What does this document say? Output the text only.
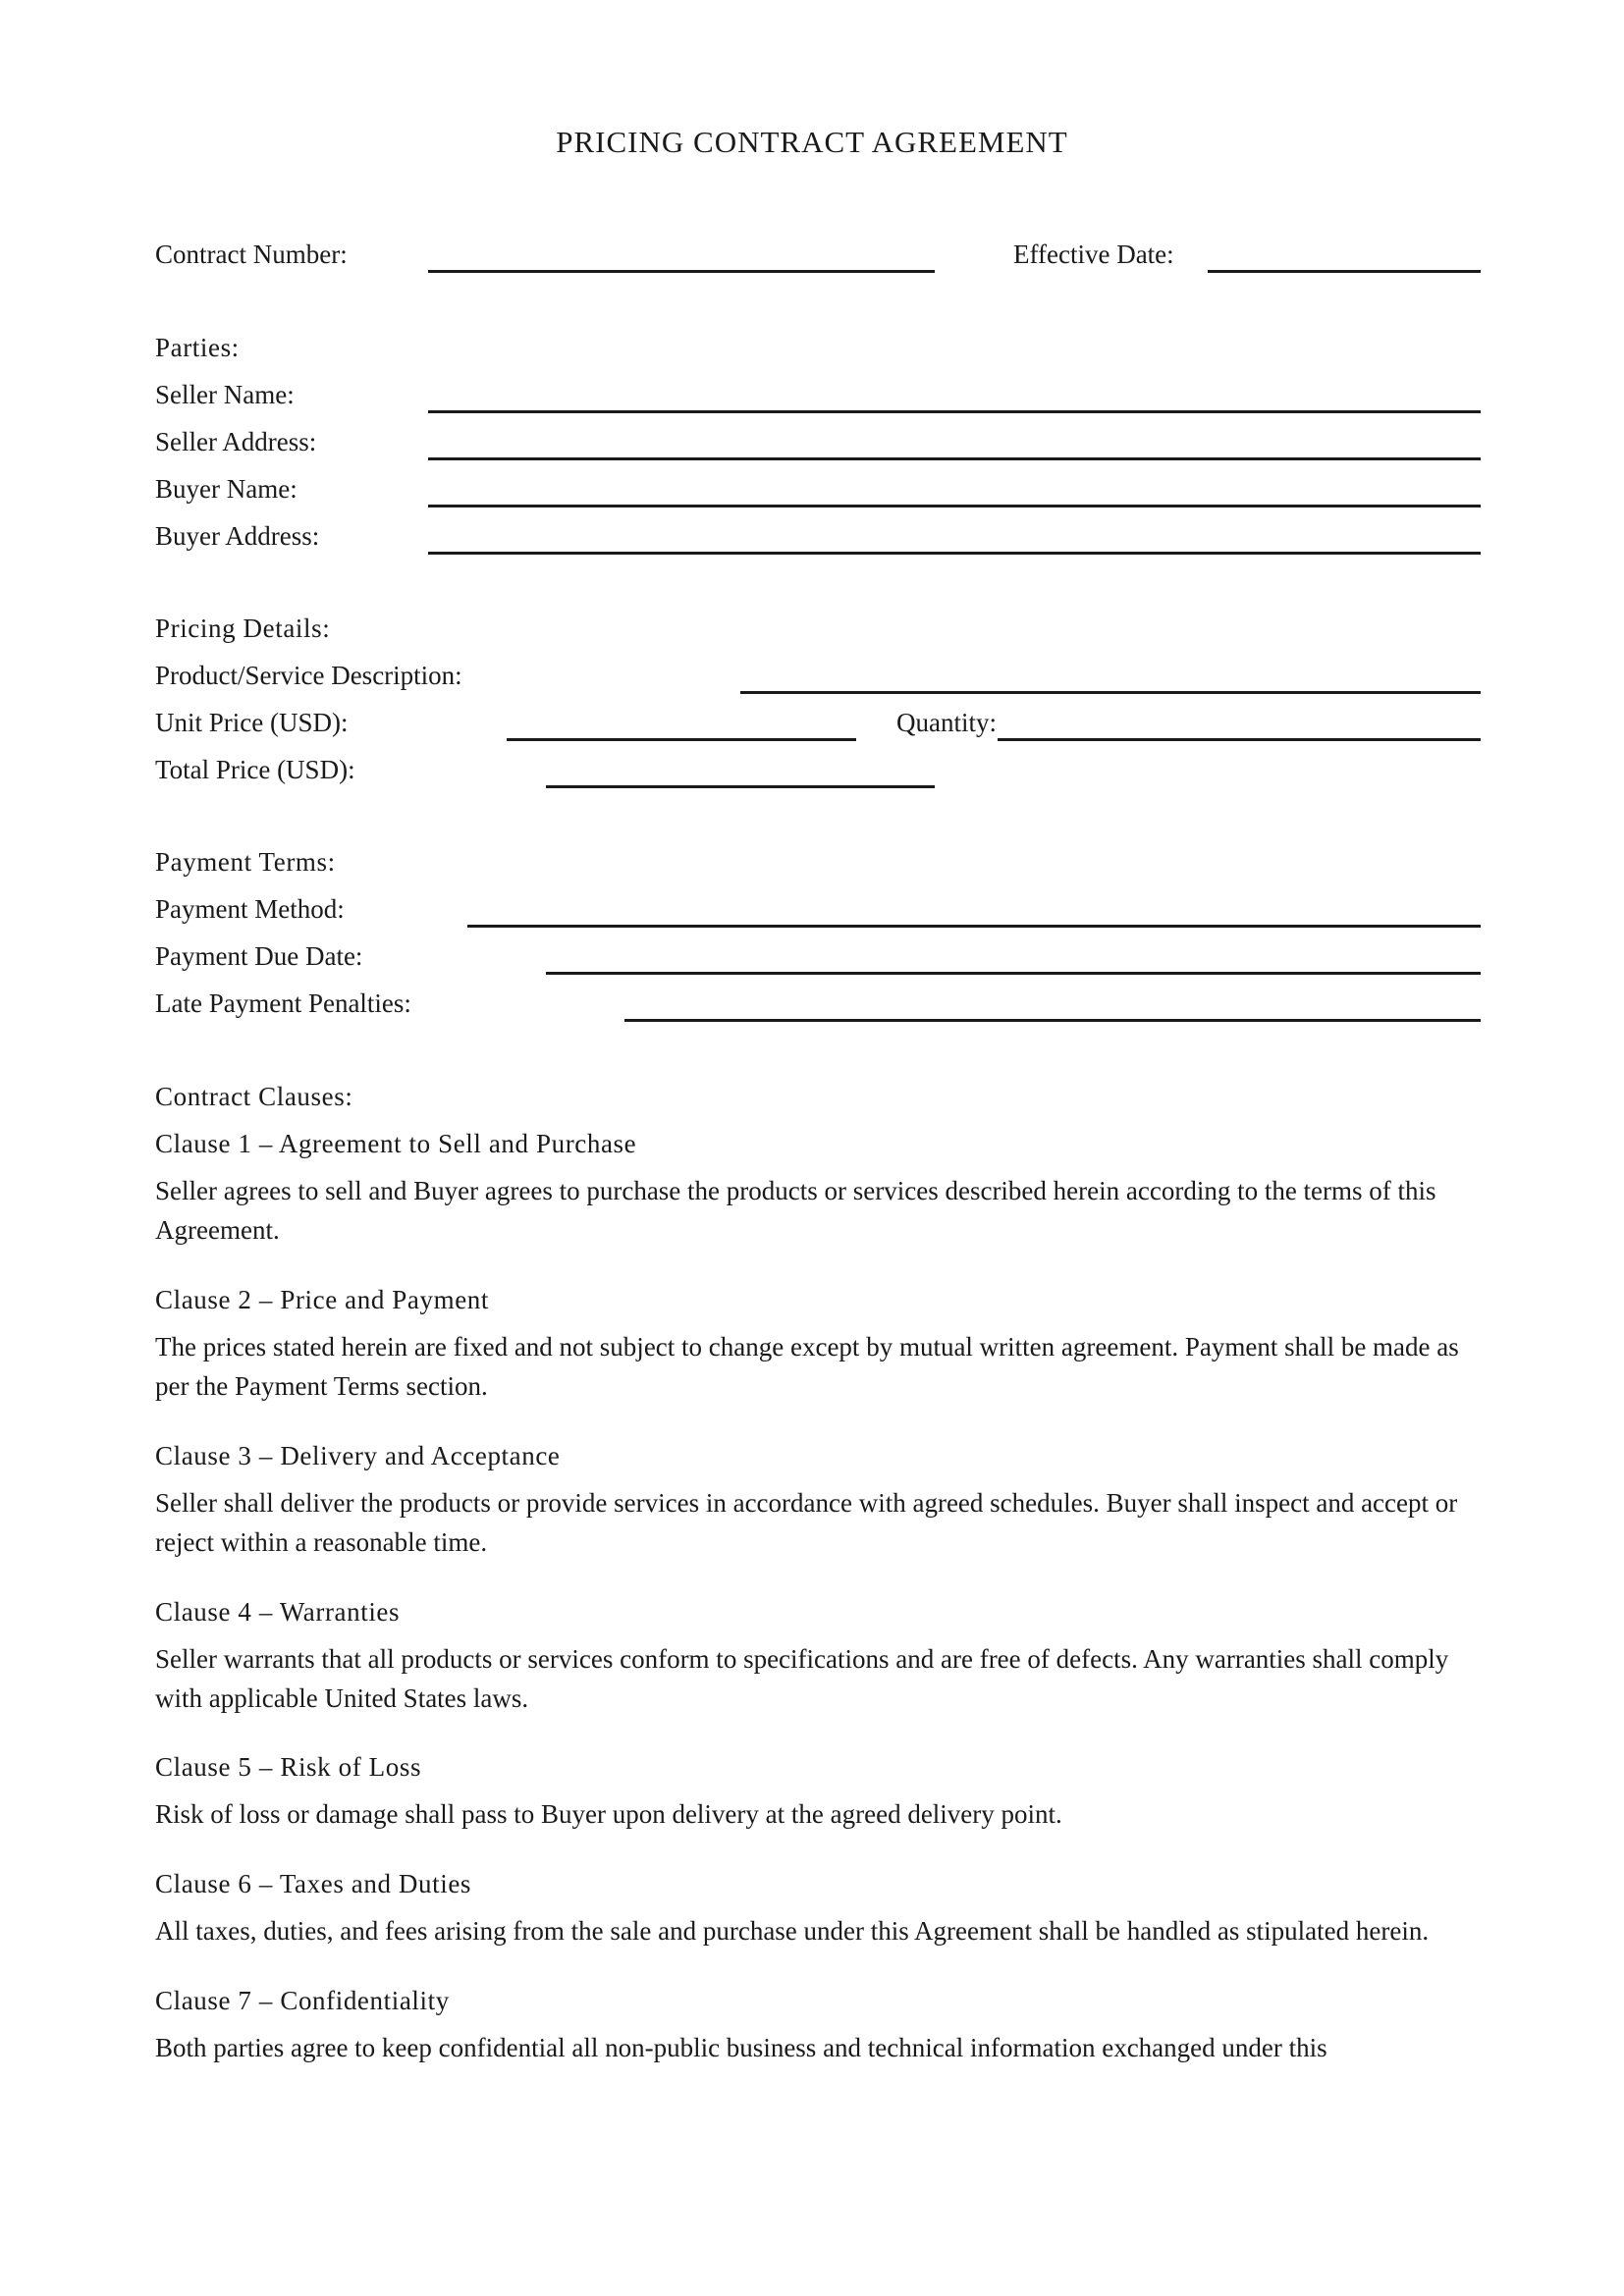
PRICING CONTRACT AGREEMENT
Contract Number:	Effective Date:
Parties:
Seller Name:
Seller Address:
Buyer Name:
Buyer Address:
Pricing Details:
Product/Service Description:
Unit Price (USD):	Quantity:
Total Price (USD):
Payment Terms:
Payment Method:
Payment Due Date:
Late Payment Penalties:
Contract Clauses:
Clause 1 – Agreement to Sell and Purchase
Seller agrees to sell and Buyer agrees to purchase the products or services described herein according to the terms of this Agreement.
Clause 2 – Price and Payment
The prices stated herein are fixed and not subject to change except by mutual written agreement. Payment shall be made as per the Payment Terms section.
Clause 3 – Delivery and Acceptance
Seller shall deliver the products or provide services in accordance with agreed schedules. Buyer shall inspect and accept or reject within a reasonable time.
Clause 4 – Warranties
Seller warrants that all products or services conform to specifications and are free of defects. Any warranties shall comply with applicable United States laws.
Clause 5 – Risk of Loss
Risk of loss or damage shall pass to Buyer upon delivery at the agreed delivery point.
Clause 6 – Taxes and Duties
All taxes, duties, and fees arising from the sale and purchase under this Agreement shall be handled as stipulated herein.
Clause 7 – Confidentiality
Both parties agree to keep confidential all non-public business and technical information exchanged under this
